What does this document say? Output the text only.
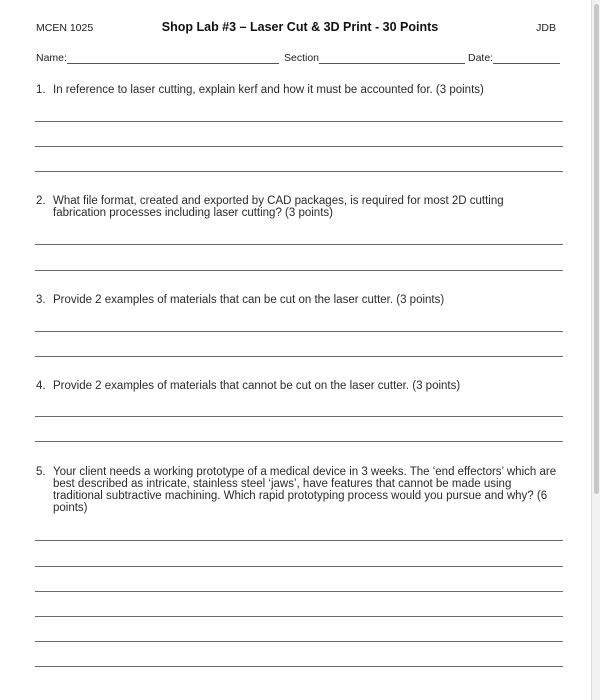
MCEN 1025	Shop Lab #3 – Laser Cut & 3D Print - 30 Points	JDB
Name:	Section	Date:
1. In reference to laser cutting, explain kerf and how it must be accounted for. (3 points)
2. What file format, created and exported by CAD packages, is required for most 2D cutting fabrication processes including laser cutting? (3 points)
3. Provide 2 examples of materials that can be cut on the laser cutter. (3 points)
4. Provide 2 examples of materials that cannot be cut on the laser cutter. (3 points)
5. Your client needs a working prototype of a medical device in 3 weeks. The ‘end effectors’ which are best described as intricate, stainless steel ‘jaws’, have features that cannot be made using traditional subtractive machining. Which rapid prototyping process would you pursue and why? (6 points)
